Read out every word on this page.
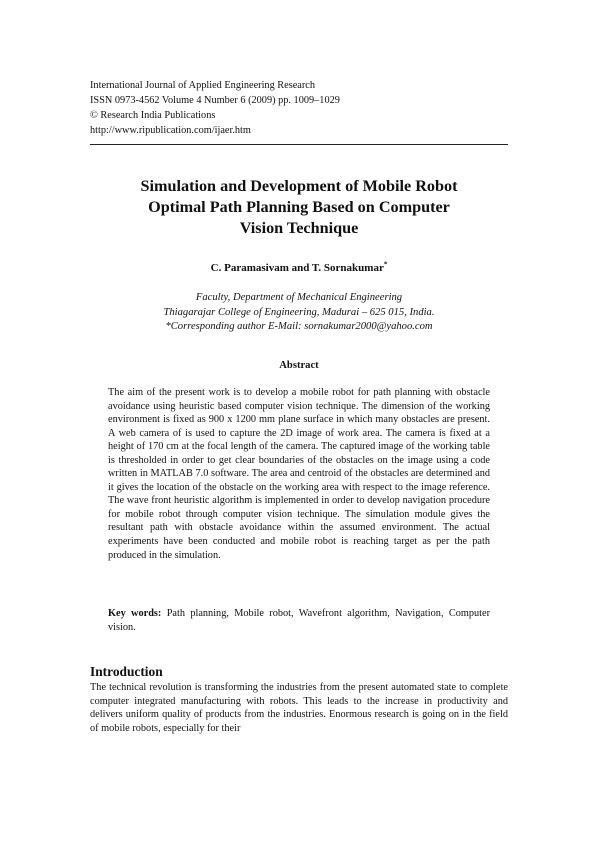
International Journal of Applied Engineering Research
ISSN 0973-4562 Volume 4 Number 6 (2009) pp. 1009–1029
© Research India Publications
http://www.ripublication.com/ijaer.htm
Simulation and Development of Mobile Robot
Optimal Path Planning Based on Computer
Vision Technique
C. Paramasivam and T. Sornakumar*
Faculty, Department of Mechanical Engineering
Thiagarajar College of Engineering, Madurai – 625 015, India.
*Corresponding author E-Mail: sornakumar2000@yahoo.com
Abstract

The aim of the present work is to develop a mobile robot for path planning with obstacle avoidance using heuristic based computer vision technique. The dimension of the working environment is fixed as 900 x 1200 mm plane surface in which many obstacles are present. A web camera of is used to capture the 2D image of work area. The camera is fixed at a height of 170 cm at the focal length of the camera. The captured image of the working table is thresholded in order to get clear boundaries of the obstacles on the image using a code written in MATLAB 7.0 software. The area and centroid of the obstacles are determined and it gives the location of the obstacle on the working area with respect to the image reference. The wave front heuristic algorithm is implemented in order to develop navigation procedure for mobile robot through computer vision technique. The simulation module gives the resultant path with obstacle avoidance within the assumed environment. The actual experiments have been conducted and mobile robot is reaching target as per the path produced in the simulation.

Key words: Path planning, Mobile robot, Wavefront algorithm, Navigation, Computer vision.

Introduction

The technical revolution is transforming the industries from the present automated state to complete computer integrated manufacturing with robots. This leads to the increase in productivity and delivers uniform quality of products from the industries. Enormous research is going on in the field of mobile robots, especially for their
